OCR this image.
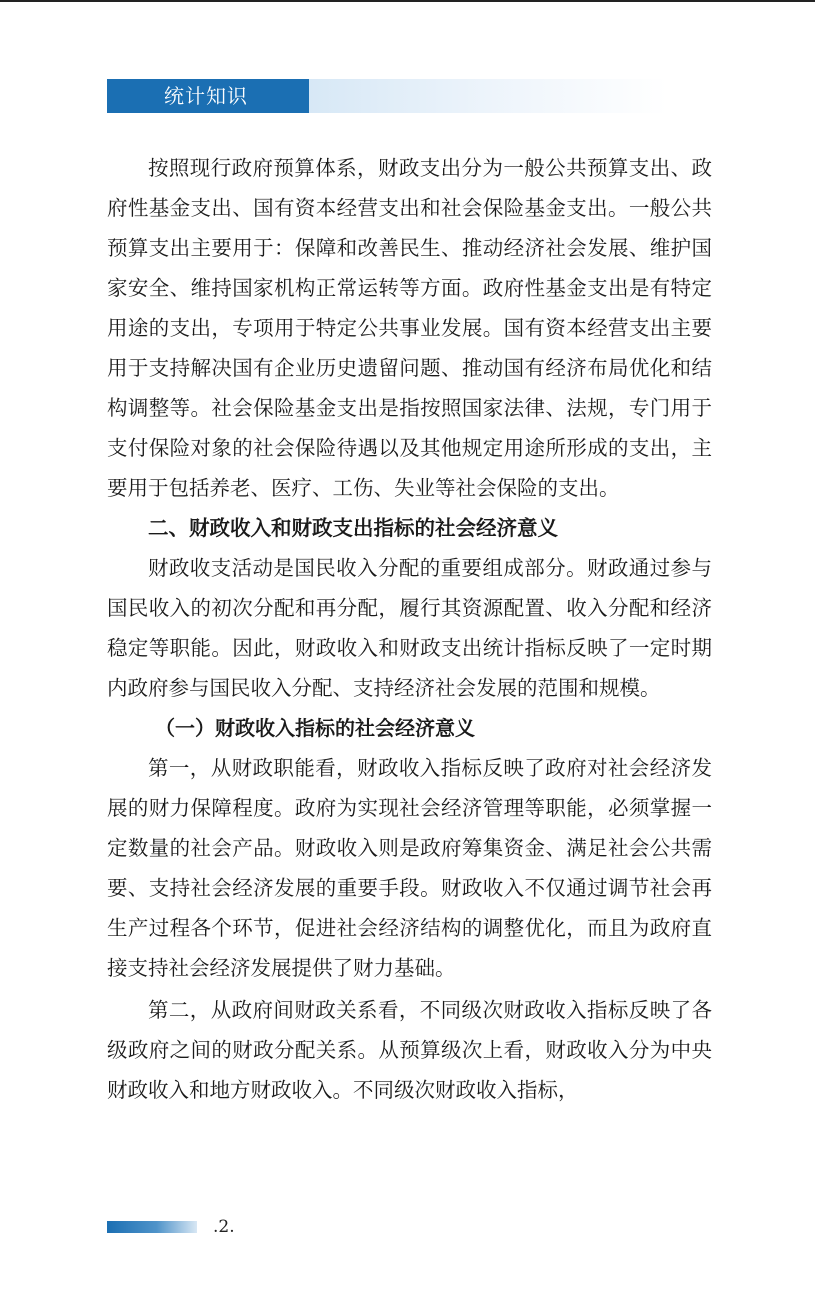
统计知识

按照现行政府预算体系，财政支出分为一般公共预算支出、政府性基金支出、国有资本经营支出和社会保险基金支出。一般公共预算支出主要用于：保障和改善民生、推动经济社会发展、维护国家安全、维持国家机构正常运转等方面。政府性基金支出是有特定用途的支出，专项用于特定公共事业发展。国有资本经营支出主要用于支持解决国有企业历史遗留问题、推动国有经济布局优化和结构调整等。社会保险基金支出是指按照国家法律、法规，专门用于支付保险对象的社会保险待遇以及其他规定用途所形成的支出，主要用于包括养老、医疗、工伤、失业等社会保险的支出。

二、财政收入和财政支出指标的社会经济意义

财政收支活动是国民收入分配的重要组成部分。财政通过参与国民收入的初次分配和再分配，履行其资源配置、收入分配和经济稳定等职能。因此，财政收入和财政支出统计指标反映了一定时期内政府参与国民收入分配、支持经济社会发展的范围和规模。

（一）财政收入指标的社会经济意义

第一，从财政职能看，财政收入指标反映了政府对社会经济发展的财力保障程度。政府为实现社会经济管理等职能，必须掌握一定数量的社会产品。财政收入则是政府筹集资金、满足社会公共需要、支持社会经济发展的重要手段。财政收入不仅通过调节社会再生产过程各个环节，促进社会经济结构的调整优化，而且为政府直接支持社会经济发展提供了财力基础。

第二，从政府间财政关系看，不同级次财政收入指标反映了各级政府之间的财政分配关系。从预算级次上看，财政收入分为中央财政收入和地方财政收入。不同级次财政收入指标，

.2.
